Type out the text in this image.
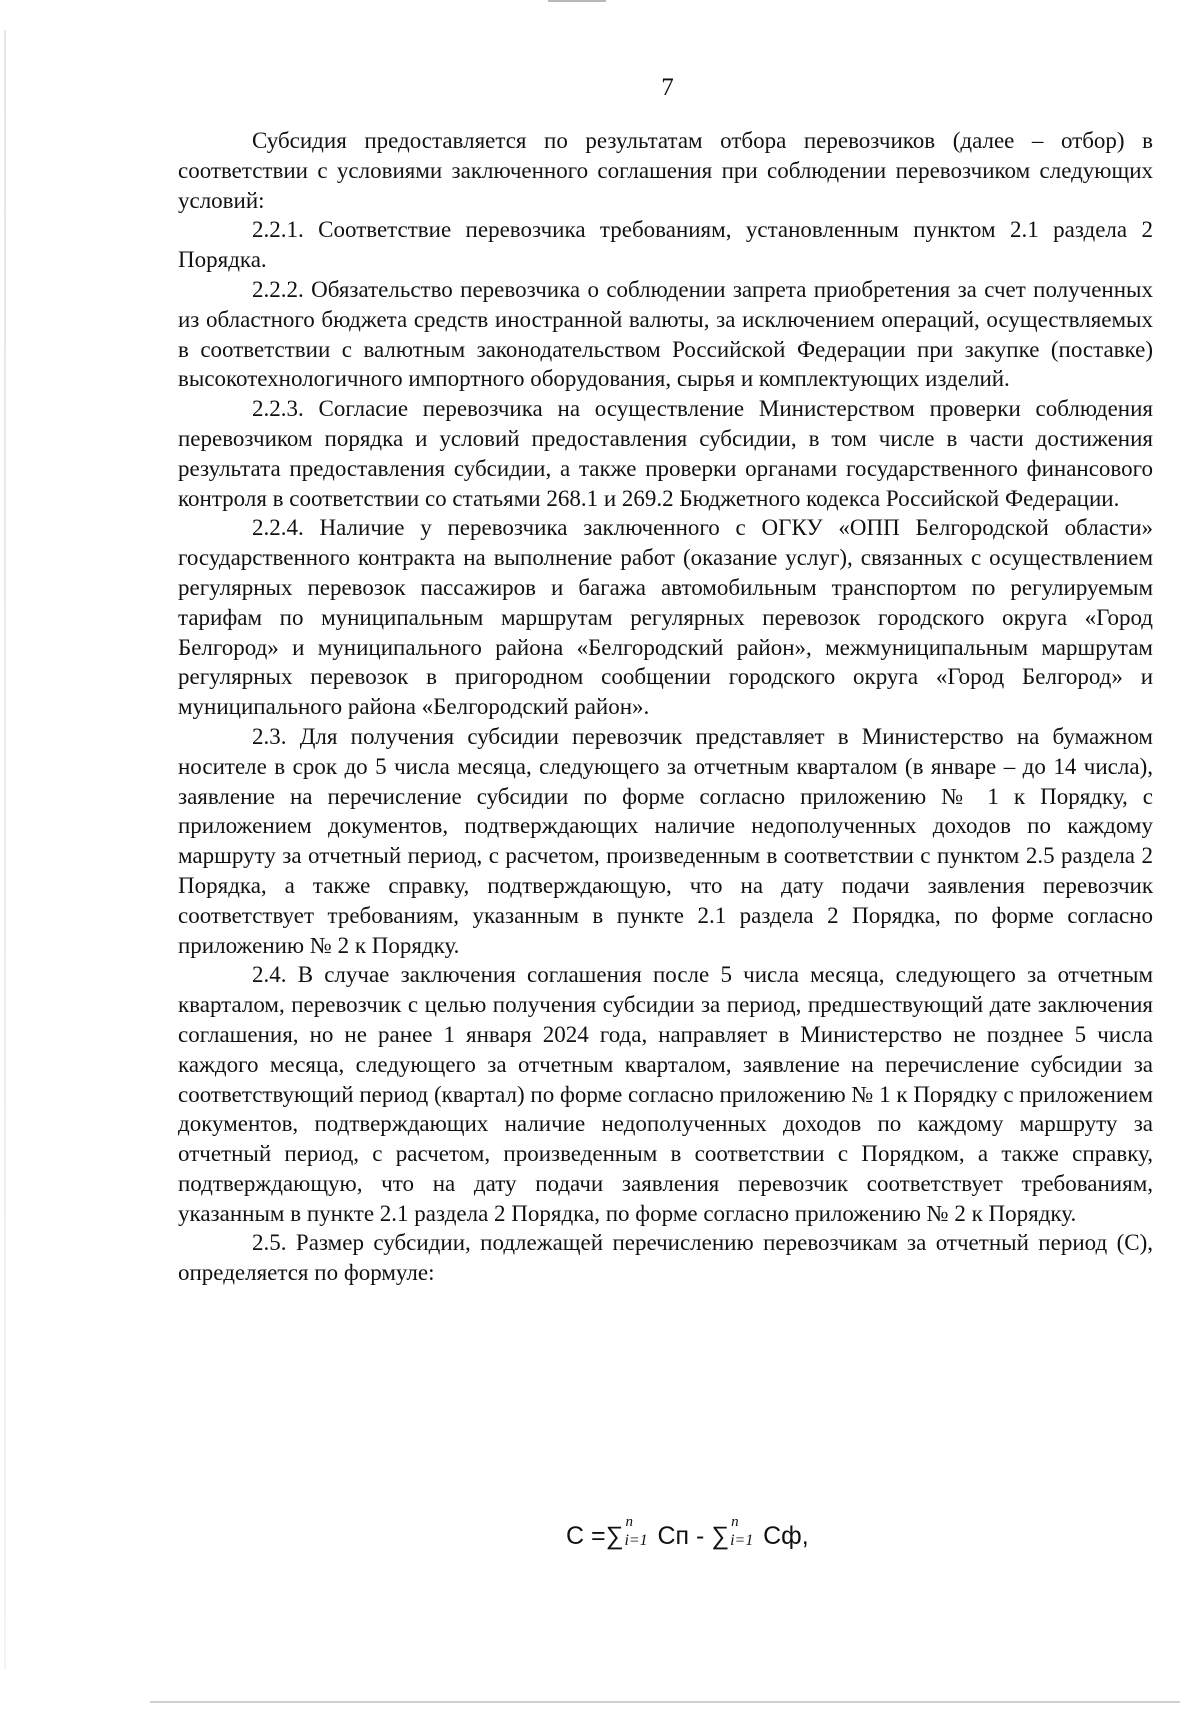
7

Субсидия предоставляется по результатам отбора перевозчиков (далее – отбор) в соответствии с условиями заключенного соглашения при соблюдении перевозчиком следующих условий:

2.2.1. Соответствие перевозчика требованиям, установленным пунктом 2.1 раздела 2 Порядка.

2.2.2. Обязательство перевозчика о соблюдении запрета приобретения за счет полученных из областного бюджета средств иностранной валюты, за исключением операций, осуществляемых в соответствии с валютным законодательством Российской Федерации при закупке (поставке) высокотехнологичного импортного оборудования, сырья и комплектующих изделий.

2.2.3. Согласие перевозчика на осуществление Министерством проверки соблюдения перевозчиком порядка и условий предоставления субсидии, в том числе в части достижения результата предоставления субсидии, а также проверки органами государственного финансового контроля в соответствии со статьями 268.1 и 269.2 Бюджетного кодекса Российской Федерации.

2.2.4. Наличие у перевозчика заключенного с ОГКУ «ОПП Белгородской области» государственного контракта на выполнение работ (оказание услуг), связанных с осуществлением регулярных перевозок пассажиров и багажа автомобильным транспортом по регулируемым тарифам по муниципальным маршрутам регулярных перевозок городского округа «Город Белгород» и муниципального района «Белгородский район», межмуниципальным маршрутам регулярных перевозок в пригородном сообщении городского округа «Город Белгород» и муниципального района «Белгородский район».

2.3. Для получения субсидии перевозчик представляет в Министерство на бумажном носителе в срок до 5 числа месяца, следующего за отчетным кварталом (в январе – до 14 числа), заявление на перечисление субсидии по форме согласно приложению № 1 к Порядку, с приложением документов, подтверждающих наличие недополученных доходов по каждому маршруту за отчетный период, с расчетом, произведенным в соответствии с пунктом 2.5 раздела 2 Порядка, а также справку, подтверждающую, что на дату подачи заявления перевозчик соответствует требованиям, указанным в пункте 2.1 раздела 2 Порядка, по форме согласно приложению № 2 к Порядку.

2.4. В случае заключения соглашения после 5 числа месяца, следующего за отчетным кварталом, перевозчик с целью получения субсидии за период, предшествующий дате заключения соглашения, но не ранее 1 января 2024 года, направляет в Министерство не позднее 5 числа каждого месяца, следующего за отчетным кварталом, заявление на перечисление субсидии за соответствующий период (квартал) по форме согласно приложению № 1 к Порядку с приложением документов, подтверждающих наличие недополученных доходов по каждому маршруту за отчетный период, с расчетом, произведенным в соответствии с Порядком, а также справку, подтверждающую, что на дату подачи заявления перевозчик соответствует требованиям, указанным в пункте 2.1 раздела 2 Порядка, по форме согласно приложению № 2 к Порядку.

2.5. Размер субсидии, подлежащей перечислению перевозчикам за отчетный период (С), определяется по формуле:

С =∑ n
i=1 Сп - ∑ n
i=1 Сф,
